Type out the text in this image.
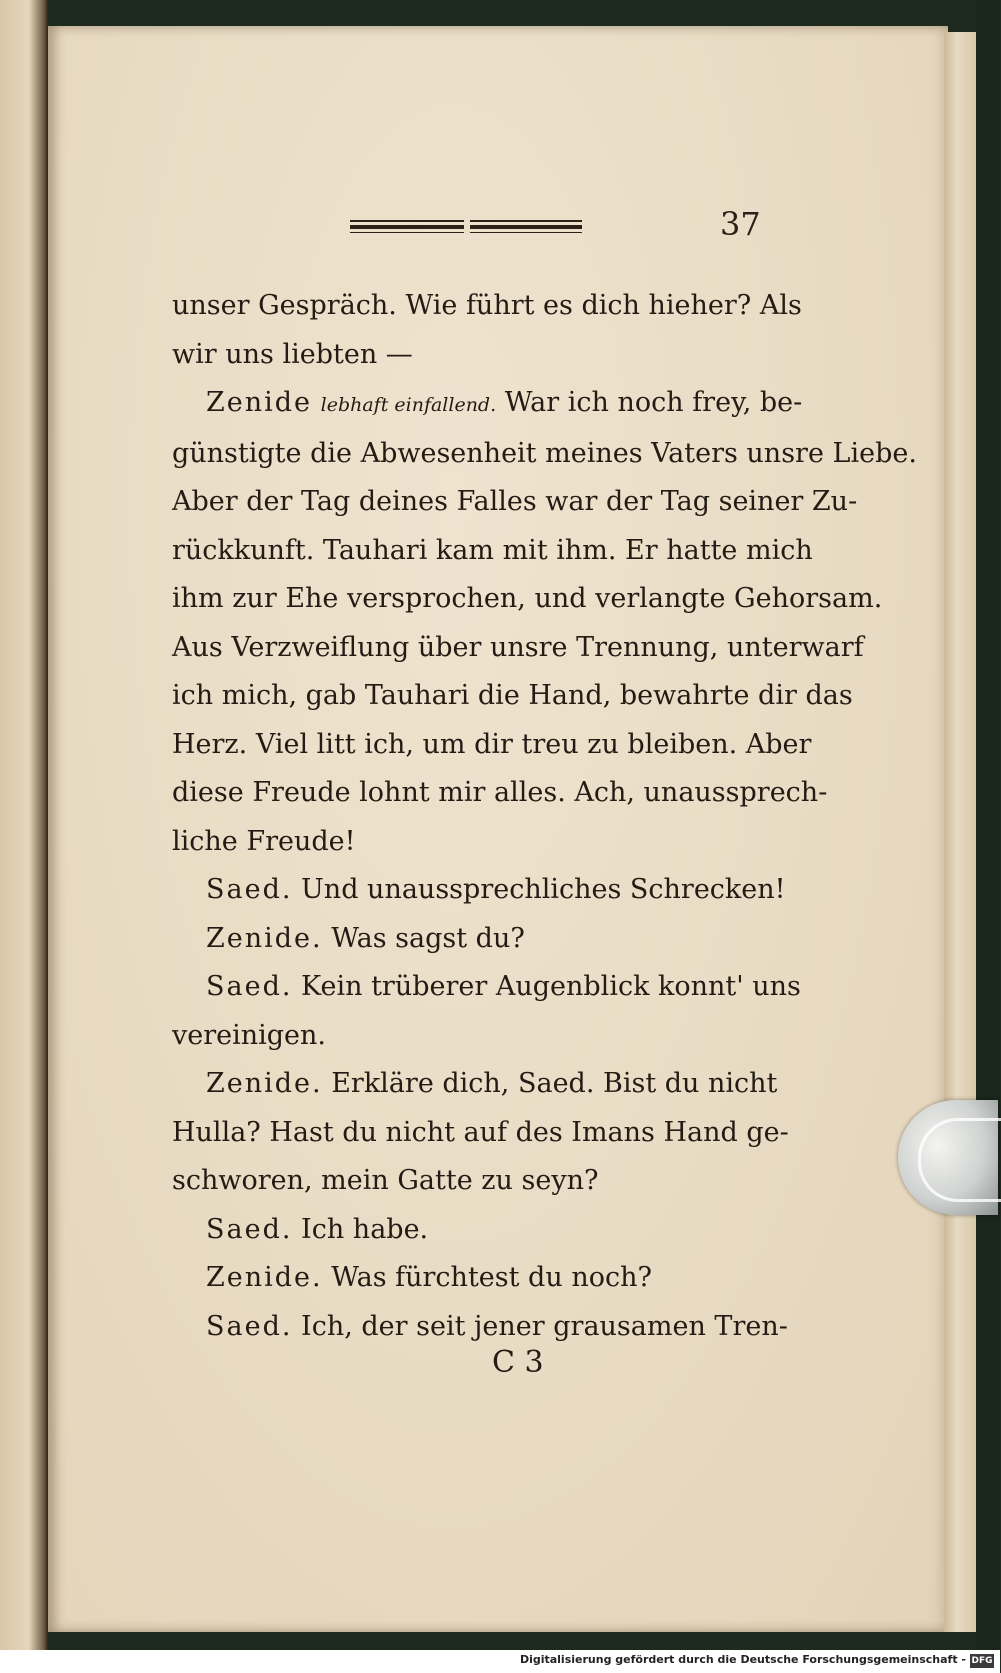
37
unser Gespräch. Wie führt es dich hieher? Als
wir uns liebten —
Zenide lebhaft einfallend. War ich noch frey, be-
günstigte die Abwesenheit meines Vaters unsre Liebe.
Aber der Tag deines Falles war der Tag seiner Zu-
rückkunft. Tauhari kam mit ihm. Er hatte mich
ihm zur Ehe versprochen, und verlangte Gehorsam.
Aus Verzweiflung über unsre Trennung, unterwarf
ich mich, gab Tauhari die Hand, bewahrte dir das
Herz. Viel litt ich, um dir treu zu bleiben. Aber
diese Freude lohnt mir alles. Ach, unaussprech-
liche Freude!
Saed. Und unaussprechliches Schrecken!
Zenide. Was sagst du?
Saed. Kein trüberer Augenblick konnt' uns
vereinigen.
Zenide. Erkläre dich, Saed. Bist du nicht
Hulla? Hast du nicht auf des Imans Hand ge-
schworen, mein Gatte zu seyn?
Saed. Ich habe.
Zenide. Was fürchtest du noch?
Saed. Ich, der seit jener grausamen Tren-
C 3
Digitalisierung gefördert durch die Deutsche Forschungsgemeinschaft - DFG
